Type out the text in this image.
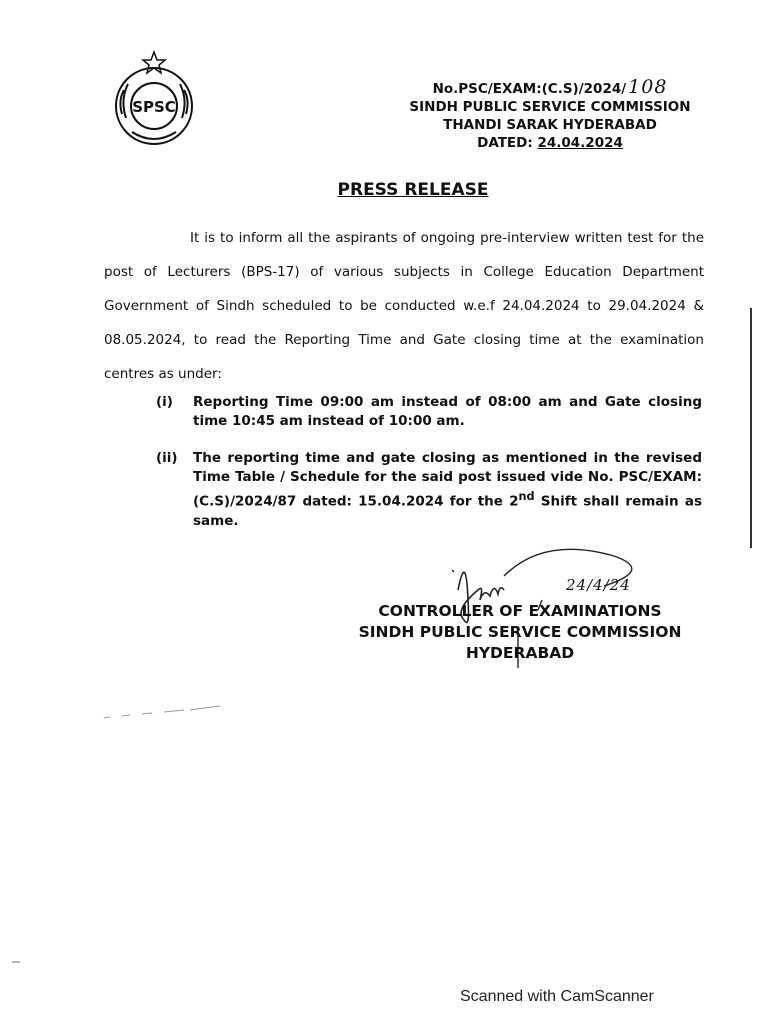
SPSC
No.PSC/EXAM:(C.S)/2024/ 108
SINDH PUBLIC SERVICE COMMISSION
THANDI SARAK HYDERABAD
DATED: 24.04.2024
PRESS RELEASE
It is to inform all the aspirants of ongoing pre-interview written test for the post of Lecturers (BPS-17) of various subjects in College Education Department Government of Sindh scheduled to be conducted w.e.f 24.04.2024 to 29.04.2024 & 08.05.2024, to read the Reporting Time and Gate closing time at the examination centres as under:
(i)	Reporting Time 09:00 am instead of 08:00 am and Gate closing time 10:45 am instead of 10:00 am.
(ii)	The reporting time and gate closing as mentioned in the revised Time Table / Schedule for the said post issued vide No. PSC/EXAM:(C.S)/2024/87 dated: 15.04.2024 for the 2nd Shift shall remain as same.
24/4/24
CONTROLLER OF EXAMINATIONS
SINDH PUBLIC SERVICE COMMISSION
HYDERABAD
Scanned with CamScanner
